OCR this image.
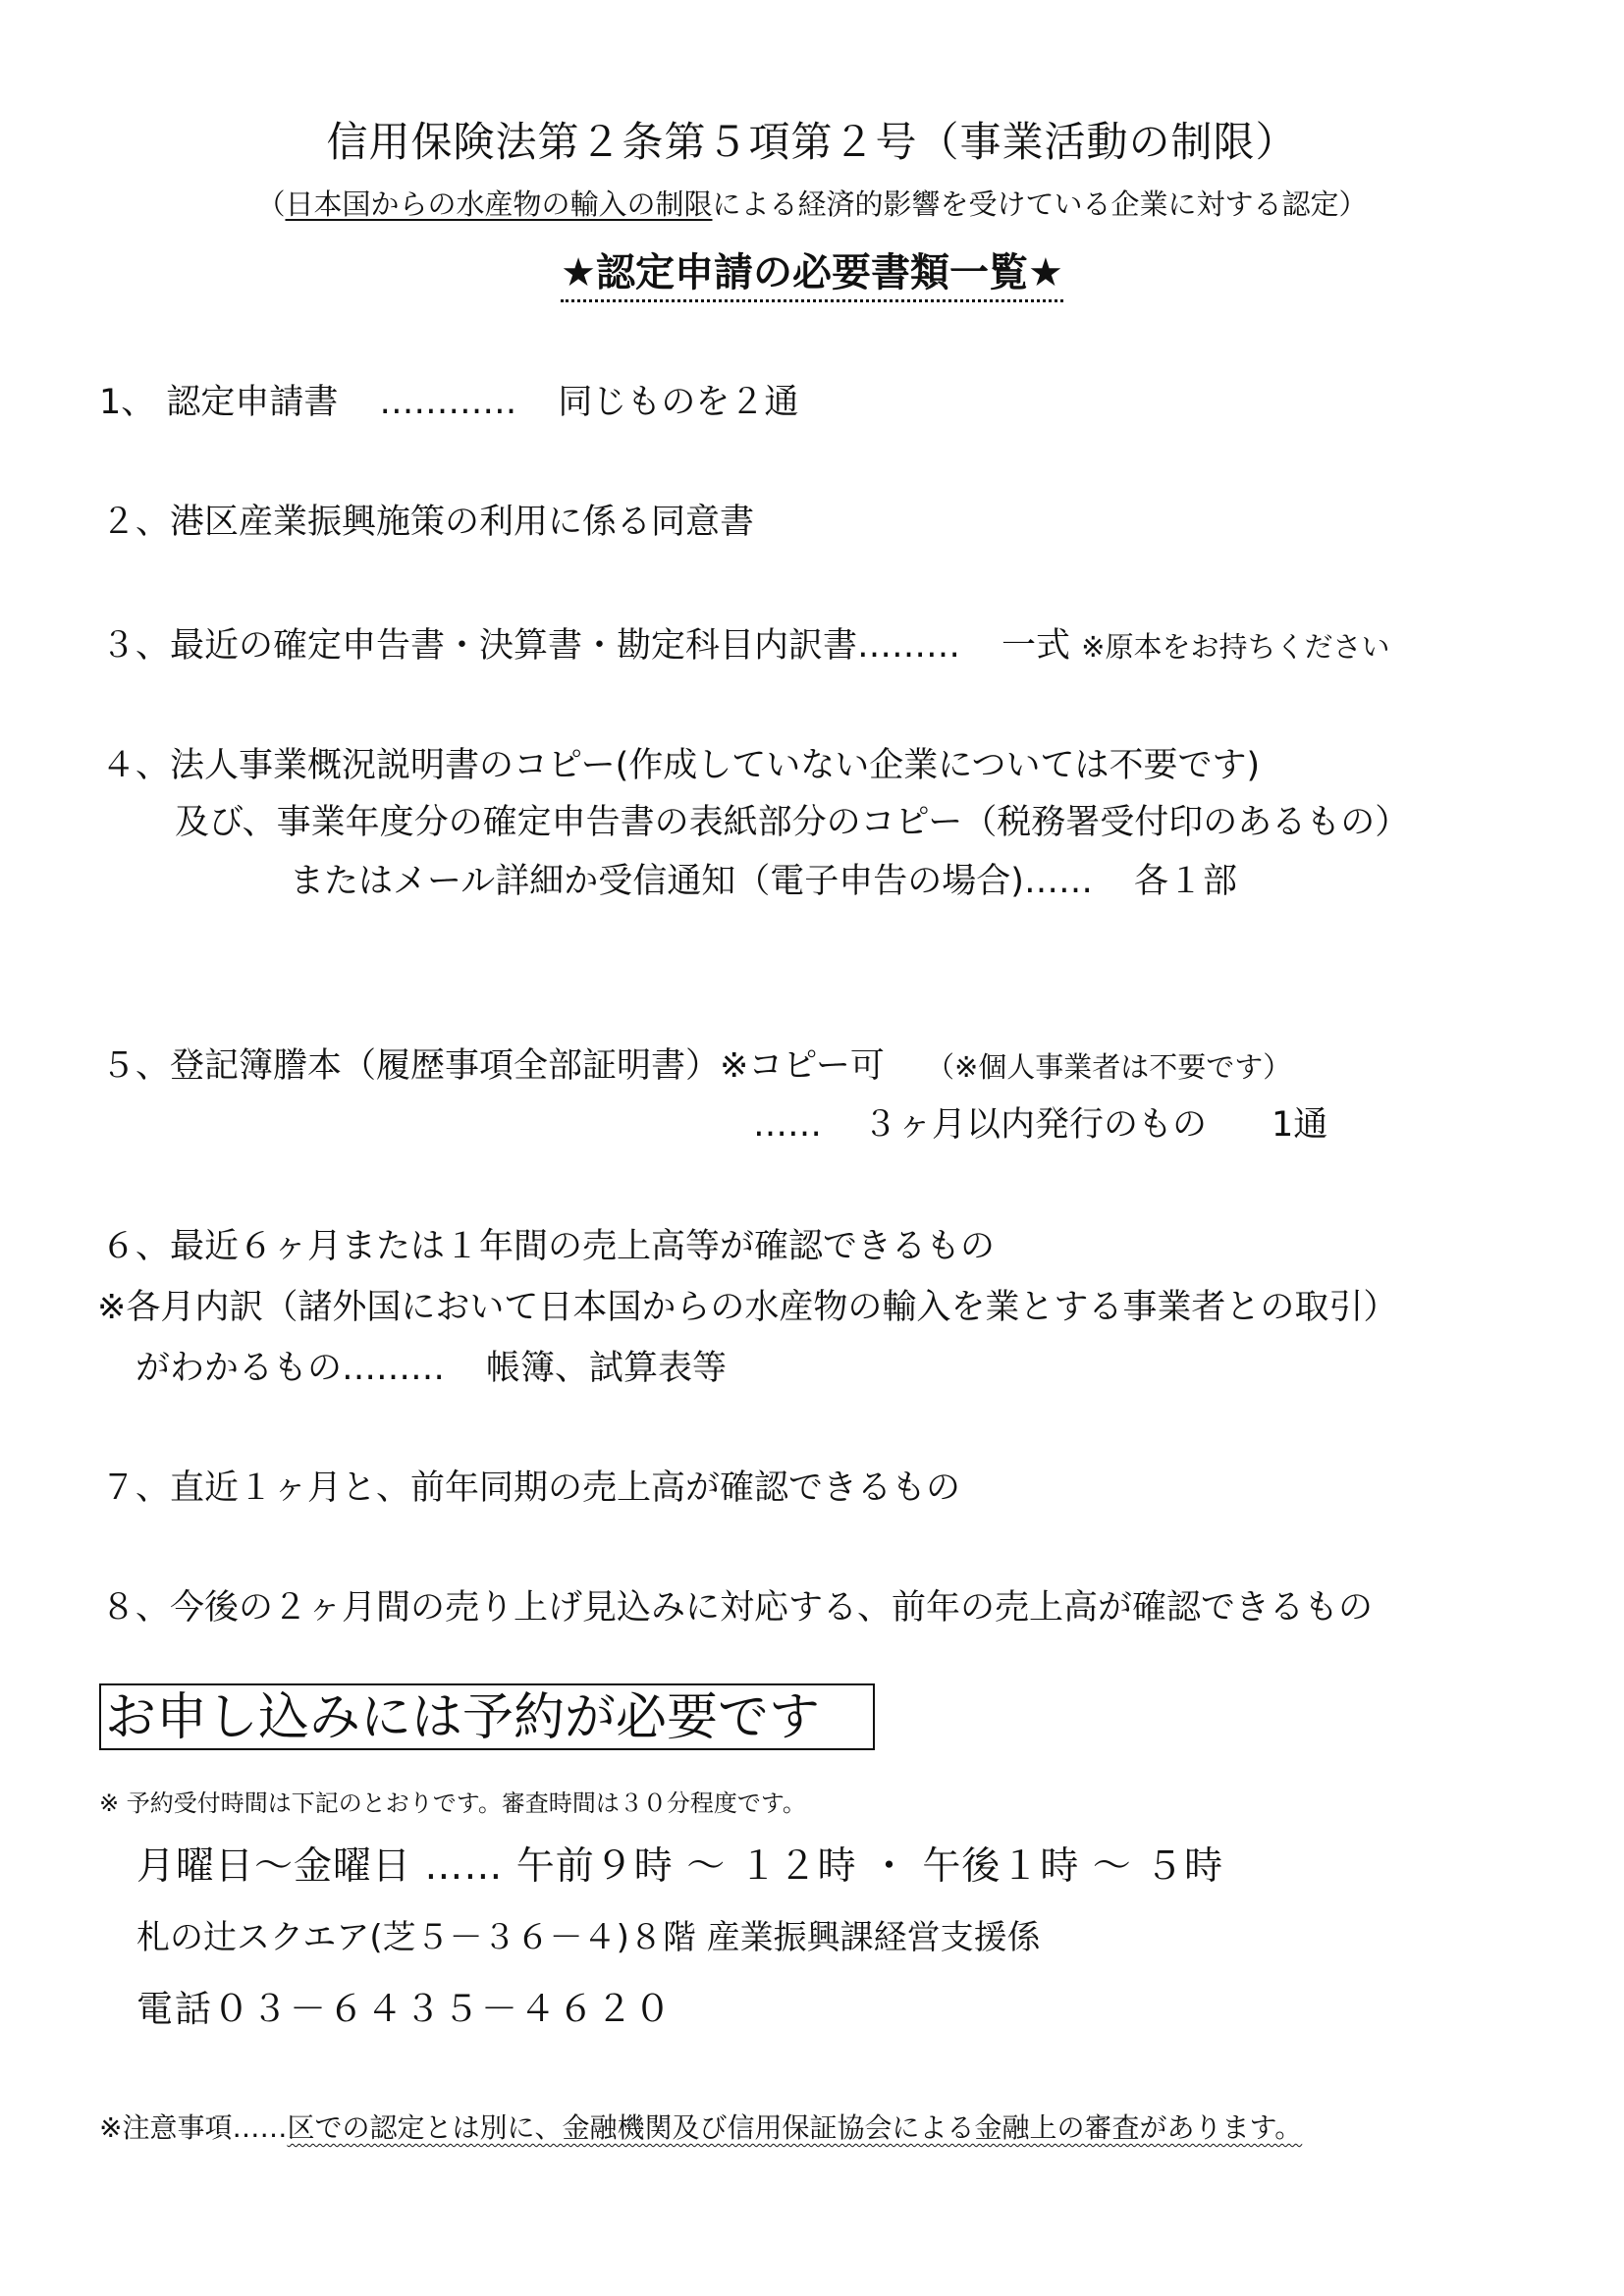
信用保険法第２条第５項第２号（事業活動の制限）
（日本国からの水産物の輸入の制限による経済的影響を受けている企業に対する認定）
★認定申請の必要書類一覧★
1、 認定申請書 ………… 同じものを２通
２、港区産業振興施策の利用に係る同意書
３、最近の確定申告書・決算書・勘定科目内訳書……… 一式 ※原本をお持ちください
４、法人事業概況説明書のコピー(作成していない企業については不要です)
及び、事業年度分の確定申告書の表紙部分のコピー（税務署受付印のあるもの）
またはメール詳細か受信通知（電子申告の場合)…… 各１部
５、登記簿謄本（履歴事項全部証明書）※コピー可 （※個人事業者は不要です）
…… ３ヶ月以内発行のもの 1通
６、最近６ヶ月または１年間の売上高等が確認できるもの
※各月内訳（諸外国において日本国からの水産物の輸入を業とする事業者との取引）
がわかるもの……… 帳簿、試算表等
７、直近１ヶ月と、前年同期の売上高が確認できるもの
８、今後の２ヶ月間の売り上げ見込みに対応する、前年の売上高が確認できるもの
お申し込みには予約が必要です
※ 予約受付時間は下記のとおりです。審査時間は３０分程度です。
月曜日～金曜日 …… 午前９時 ～ １２時 ・ 午後１時 ～ ５時
札の辻スクエア(芝５－３６－４)８階 産業振興課経営支援係
電話０３－６４３５－４６２０
※注意事項……区での認定とは別に、金融機関及び信用保証協会による金融上の審査があります。
